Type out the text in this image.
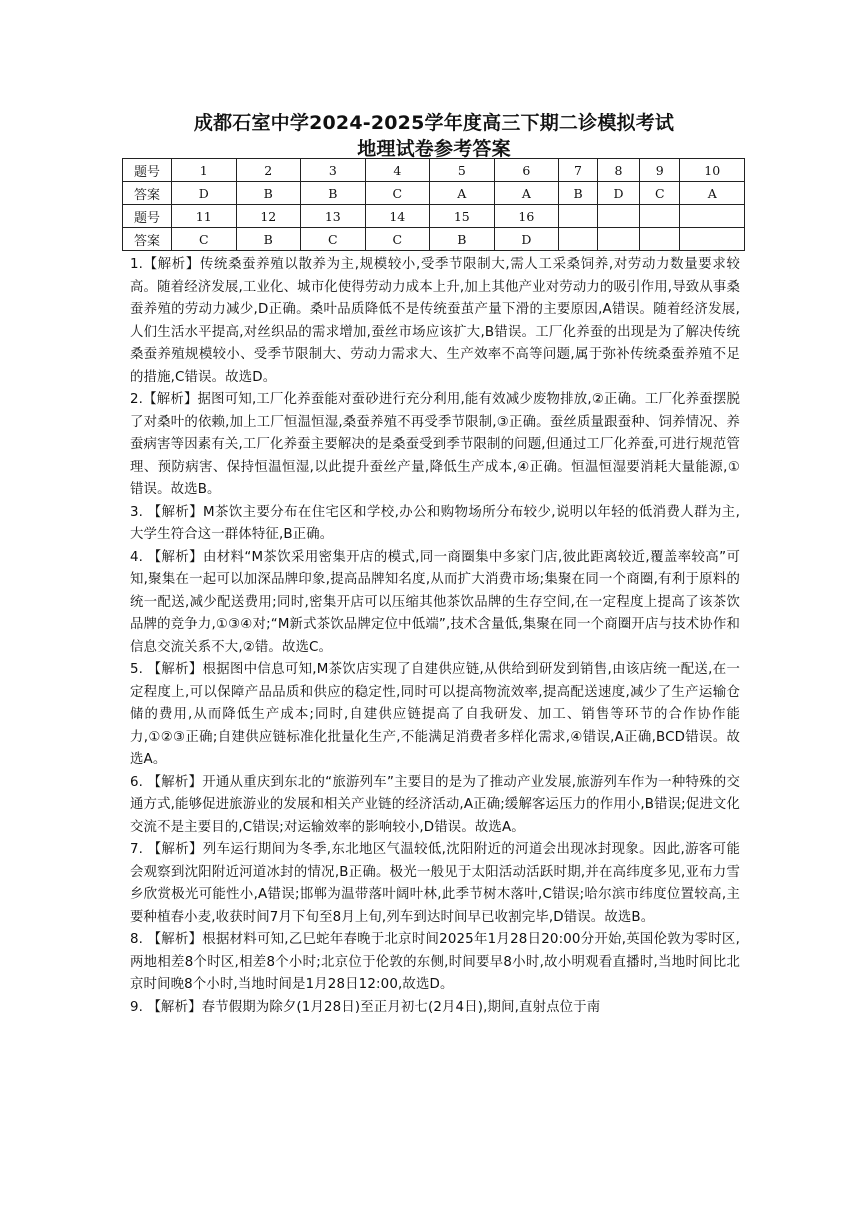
成都石室中学2024-2025学年度高三下期二诊模拟考试
地理试卷参考答案
题号	1	2	3	4	5	6	7	8	9	10
答案	D	B	B	C	A	A	B	D	C	A
题号	11	12	13	14	15	16				
答案	C	B	C	C	B	D				

1.【解析】传统桑蚕养殖以散养为主,规模较小,受季节限制大,需人工采桑饲养,对劳动力数量要求较高。随着经济发展,工业化、城市化使得劳动力成本上升,加上其他产业对劳动力的吸引作用,导致从事桑蚕养殖的劳动力减少,D正确。桑叶品质降低不是传统蚕茧产量下滑的主要原因,A错误。随着经济发展,人们生活水平提高,对丝织品的需求增加,蚕丝市场应该扩大,B错误。工厂化养蚕的出现是为了解决传统桑蚕养殖规模较小、受季节限制大、劳动力需求大、生产效率不高等问题,属于弥补传统桑蚕养殖不足的措施,C错误。故选D。

2.【解析】据图可知,工厂化养蚕能对蚕砂进行充分利用,能有效减少废物排放,②正确。工厂化养蚕摆脱了对桑叶的依赖,加上工厂恒温恒湿,桑蚕养殖不再受季节限制,③正确。蚕丝质量跟蚕种、饲养情况、养蚕病害等因素有关,工厂化养蚕主要解决的是桑蚕受到季节限制的问题,但通过工厂化养蚕,可进行规范管理、预防病害、保持恒温恒湿,以此提升蚕丝产量,降低生产成本,④正确。恒温恒湿要消耗大量能源,①错误。故选B。

3. 【解析】M茶饮主要分布在住宅区和学校,办公和购物场所分布较少,说明以年轻的低消费人群为主,大学生符合这一群体特征,B正确。

4. 【解析】由材料“M茶饮采用密集开店的模式,同一商圈集中多家门店,彼此距离较近,覆盖率较高”可知,聚集在一起可以加深品牌印象,提高品牌知名度,从而扩大消费市场;集聚在同一个商圈,有利于原料的统一配送,减少配送费用;同时,密集开店可以压缩其他茶饮品牌的生存空间,在一定程度上提高了该茶饮品牌的竞争力,①③④对;“M新式茶饮品牌定位中低端”,技术含量低,集聚在同一个商圈开店与技术协作和信息交流关系不大,②错。故选C。

5. 【解析】根据图中信息可知,M茶饮店实现了自建供应链,从供给到研发到销售,由该店统一配送,在一定程度上,可以保障产品品质和供应的稳定性,同时可以提高物流效率,提高配送速度,减少了生产运输仓储的费用,从而降低生产成本;同时,自建供应链提高了自我研发、加工、销售等环节的合作协作能力,①②③正确;自建供应链标准化批量化生产,不能满足消费者多样化需求,④错误,A正确,BCD错误。故选A。

6. 【解析】开通从重庆到东北的“旅游列车”主要目的是为了推动产业发展,旅游列车作为一种特殊的交通方式,能够促进旅游业的发展和相关产业链的经济活动,A正确;缓解客运压力的作用小,B错误;促进文化交流不是主要目的,C错误;对运输效率的影响较小,D错误。故选A。

7. 【解析】列车运行期间为冬季,东北地区气温较低,沈阳附近的河道会出现冰封现象。因此,游客可能会观察到沈阳附近河道冰封的情况,B正确。极光一般见于太阳活动活跃时期,并在高纬度多见,亚布力雪乡欣赏极光可能性小,A错误;邯郸为温带落叶阔叶林,此季节树木落叶,C错误;哈尔滨市纬度位置较高,主要种植春小麦,收获时间7月下旬至8月上旬,列车到达时间早已收割完毕,D错误。故选B。

8. 【解析】根据材料可知,乙巳蛇年春晚于北京时间2025年1月28日20:00分开始,英国伦敦为零时区,两地相差8个时区,相差8个小时;北京位于伦敦的东侧,时间要早8小时,故小明观看直播时,当地时间比北京时间晚8个小时,当地时间是1月28日12:00,故选D。

9. 【解析】春节假期为除夕(1月28日)至正月初七(2月4日),期间,直射点位于南
